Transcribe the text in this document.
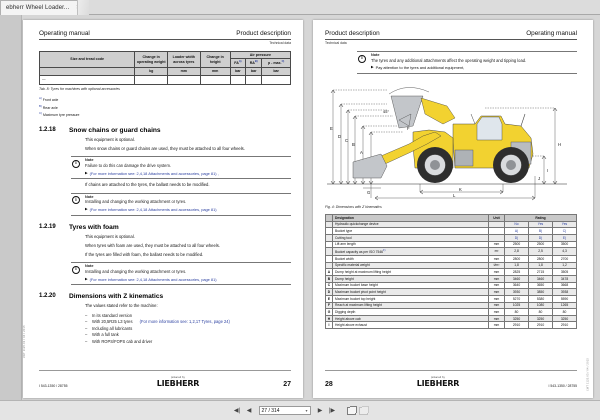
ebherr Wheel Loader...
Operating manual	Product description
Technical data
Size and tread code	Change in operating weight	Loader width across tyres	Change in height	Air pressure		
				FA$^{A)}$	RA$^{B)}$	p - max.$^{C)}$
	kg	mm	mm	bar	bar	bar
—						
Tab. 8: Tyres for machines with optional accessories
$^{A)}$ Front axle
$^{B)}$ Rear axle
$^{C)}$ Maximum tyre pressure
1.2.18	Snow chains or guard chains
This equipment is optional.
When snow chains or guard chains are used, they must be attached to all four wheels.
i
Note
Failure to do this can damage the drive system.
▶ (For more information see: 2,4,18 Attachments and accessories, page 81) ,
If chains are attached to the tyres, the ballast needs to be modified.
i
Note
Installing and changing the working attachment or tyres.
▶ (For more information see: 2,4,18 Attachments and accessories, page 81)
1.2.19	Tyres with foam
This equipment is optional.
When tyres with foam are used, they must be attached to all four wheels.
If the tyres are filled with foam, the ballast needs to be modified.
i
Note
Installing and changing the working attachment or tyres.
▶ (For more information see: 2,4,18 Attachments and accessories, page 81)
1.2.20	Dimensions with Z kinematics
The values stated refer to the machine:
–	In its standard version
–	With 20,5R25 L3 tyres
(For more information see: 1,2,17 Tyres, page 24)
–	Including all lubricants
–	With a full tank
–	With ROPS/FOPS cab and driver
LWT 1125.03 / 04 / 2015
I 543-1350 / 28755
powered by
LIEBHERR	27
Product description	Operating manual
Technical data
i
Note
The tyres and any additional attachments affect the operating weight and tipping load.
▶ Pay attention to the tyres and additional equipment,
E
D
C
B
A
F
H
I
J
G
K
L
45°
Fig. 4: Dimensions with Z kinematics
	Designation	Unit	Rating		
	Hydraulic quickchange device		No	Yes	Yes
	Bucket type		A)	B)	C)
	Cutting tool		D)	D)	E)
	Lift arm length	mm	2500	2500	3500
	Bucket capacity as per ISO 7546$^{F)}$	m³	2,8	2,5	4,3
	Bucket width	mm	2800	2800	2700
	Specific material weight	t/m³	1,8	1,8	1,2
A	Dump height at maximum lifting height	mm	2825	2715	3505
B	Dump height	mm	3460	3460	3478
C	Maximum bucket base height	mm	3640	3650	3668
D	Maximum bucket pivot point height	mm	3930	3850	3938
E	Maximum bucket top height	mm	5270	5380	5590
F	Reach at maximum lifting height	mm	1025	1080	1265
G	Digging depth	mm	80	80	80
H	Height above cab	mm	3250	3250	3250
I	Height above exhaust	mm	2910	2910	2910
LWT 1125.03 / 04 / 2015
28
powered by
LIEBHERR	I 543-1350 / 28755
◀|	◀	27 / 314	▾	▶	|▶
